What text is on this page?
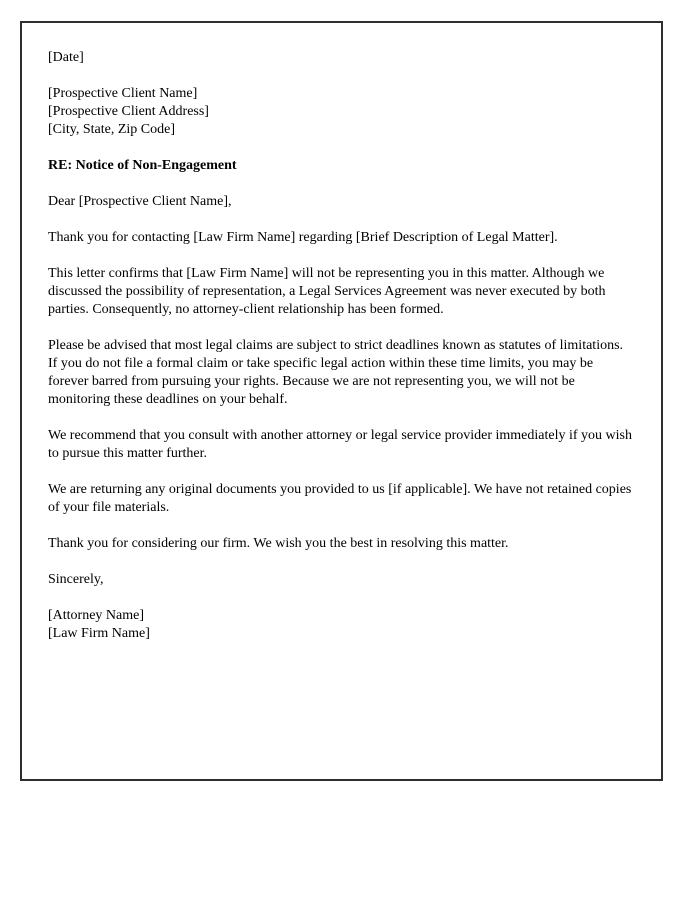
[Date]

[Prospective Client Name]
[Prospective Client Address]
[City, State, Zip Code]

RE: Notice of Non-Engagement

Dear [Prospective Client Name],

Thank you for contacting [Law Firm Name] regarding [Brief Description of Legal Matter].

This letter confirms that [Law Firm Name] will not be representing you in this matter. Although we discussed the possibility of representation, a Legal Services Agreement was never executed by both parties. Consequently, no attorney-client relationship has been formed.

Please be advised that most legal claims are subject to strict deadlines known as statutes of limitations. If you do not file a formal claim or take specific legal action within these time limits, you may be forever barred from pursuing your rights. Because we are not representing you, we will not be monitoring these deadlines on your behalf.

We recommend that you consult with another attorney or legal service provider immediately if you wish to pursue this matter further.

We are returning any original documents you provided to us [if applicable]. We have not retained copies of your file materials.

Thank you for considering our firm. We wish you the best in resolving this matter.

Sincerely,

[Attorney Name]
[Law Firm Name]
